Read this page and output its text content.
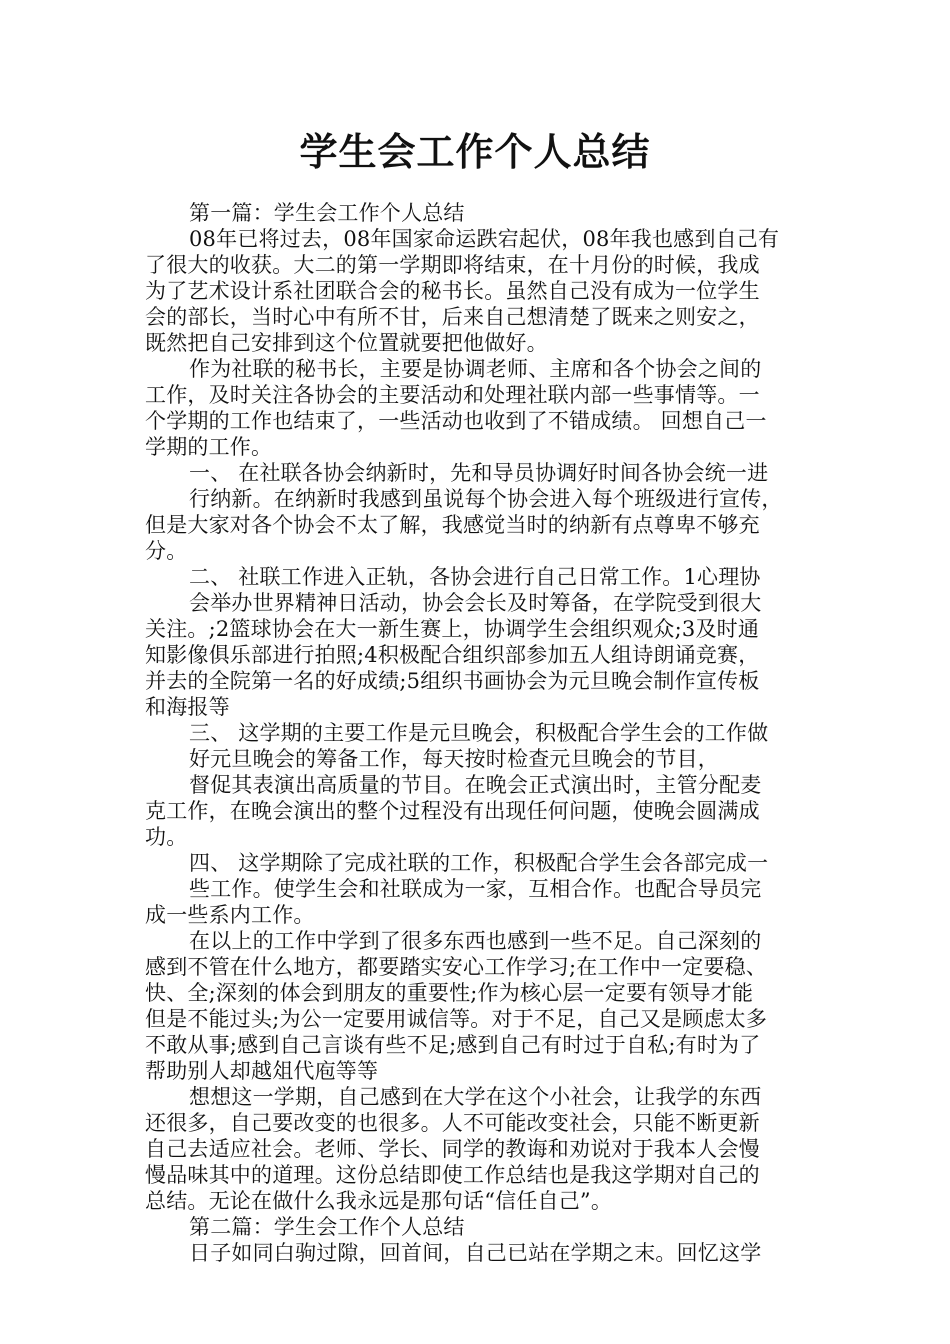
学生会工作个人总结
第一篇：学生会工作个人总结
08年已将过去，08年国家命运跌宕起伏，08年我也感到自己有
了很大的收获。大二的第一学期即将结束，在十月份的时候，我成
为了艺术设计系社团联合会的秘书长。虽然自己没有成为一位学生
会的部长，当时心中有所不甘，后来自己想清楚了既来之则安之，
既然把自己安排到这个位置就要把他做好。
作为社联的秘书长，主要是协调老师、主席和各个协会之间的
工作，及时关注各协会的主要活动和处理社联内部一些事情等。一
个学期的工作也结束了，一些活动也收到了不错成绩。 回想自己一
学期的工作。
一、 在社联各协会纳新时，先和导员协调好时间各协会统一进
行纳新。在纳新时我感到虽说每个协会进入每个班级进行宣传，
但是大家对各个协会不太了解，我感觉当时的纳新有点尊卑不够充
分。
二、 社联工作进入正轨，各协会进行自己日常工作。1心理协
会举办世界精神日活动，协会会长及时筹备，在学院受到很大
关注。;2篮球协会在大一新生赛上，协调学生会组织观众;3及时通
知影像俱乐部进行拍照;4积极配合组织部参加五人组诗朗诵竞赛，
并去的全院第一名的好成绩;5组织书画协会为元旦晚会制作宣传板
和海报等
三、 这学期的主要工作是元旦晚会，积极配合学生会的工作做
好元旦晚会的筹备工作，每天按时检查元旦晚会的节目，
督促其表演出高质量的节目。在晚会正式演出时，主管分配麦
克工作，在晚会演出的整个过程没有出现任何问题，使晚会圆满成
功。
四、 这学期除了完成社联的工作，积极配合学生会各部完成一
些工作。使学生会和社联成为一家，互相合作。也配合导员完
成一些系内工作。
在以上的工作中学到了很多东西也感到一些不足。自己深刻的
感到不管在什么地方，都要踏实安心工作学习;在工作中一定要稳、
快、全;深刻的体会到朋友的重要性;作为核心层一定要有领导才能
但是不能过头;为公一定要用诚信等。对于不足，自己又是顾虑太多
不敢从事;感到自己言谈有些不足;感到自己有时过于自私;有时为了
帮助别人却越俎代庖等等
想想这一学期，自己感到在大学在这个小社会，让我学的东西
还很多，自己要改变的也很多。人不可能改变社会，只能不断更新
自己去适应社会。老师、学长、同学的教诲和劝说对于我本人会慢
慢品味其中的道理。这份总结即使工作总结也是我这学期对自己的
总结。无论在做什么我永远是那句话“信任自己”。
第二篇：学生会工作个人总结
日子如同白驹过隙，回首间，自己已站在学期之末。回忆这学
